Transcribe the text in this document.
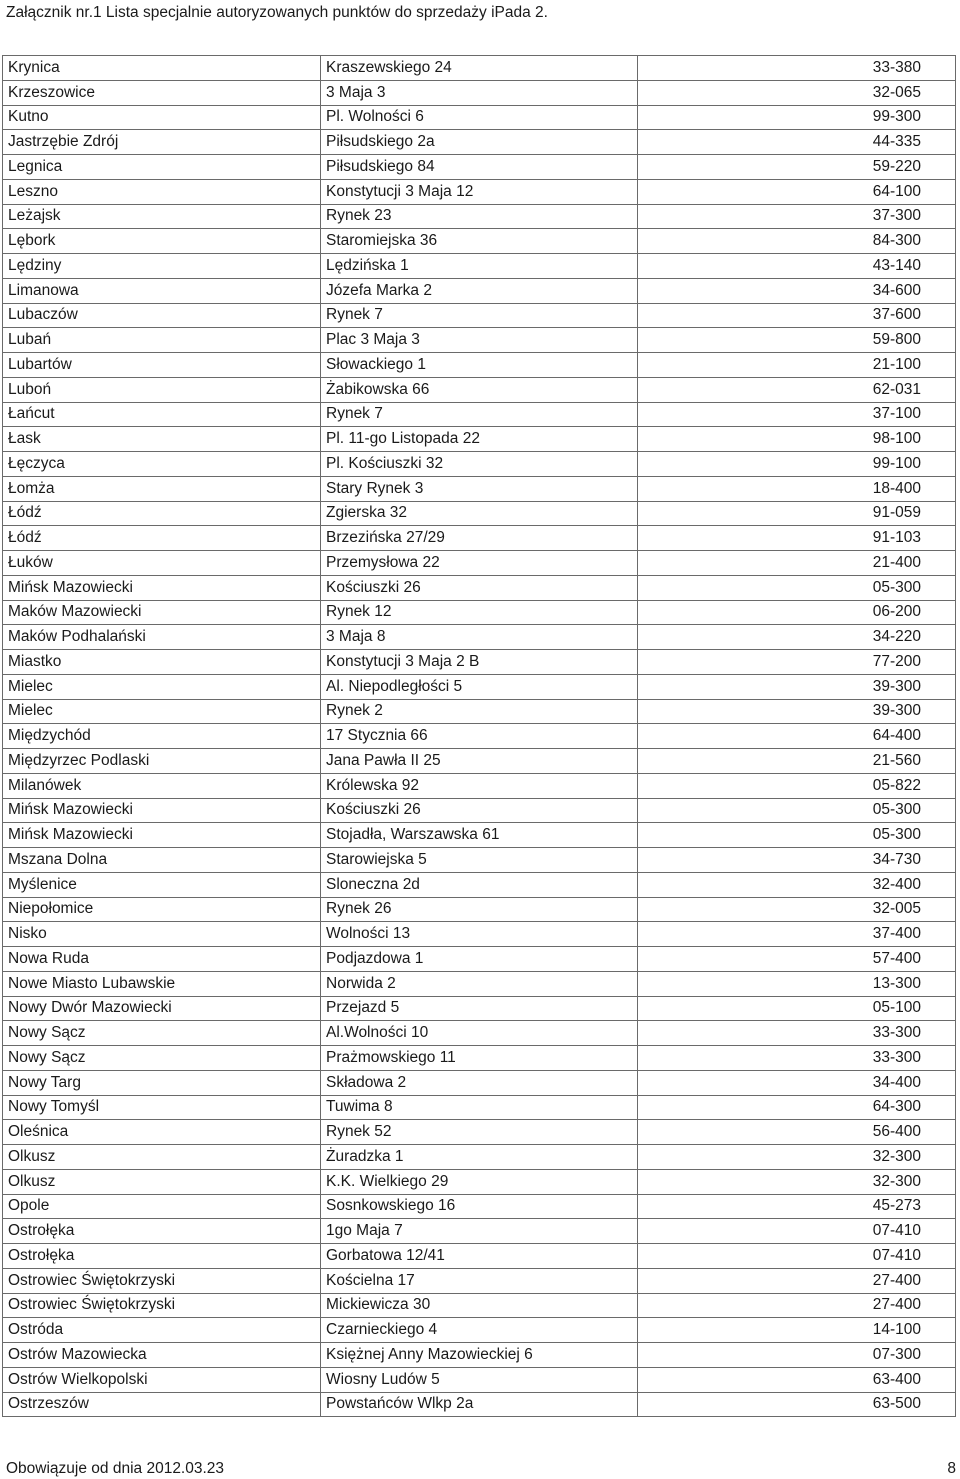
Załącznik nr.1 Lista specjalnie autoryzowanych punktów do sprzedaży iPada 2.
Krynica	Kraszewskiego 24	33-380
Krzeszowice	3 Maja 3	32-065
Kutno	Pl. Wolności 6	99-300
Jastrzębie Zdrój	Piłsudskiego 2a	44-335
Legnica	Piłsudskiego 84	59-220
Leszno	Konstytucji 3 Maja 12	64-100
Leżajsk	Rynek 23	37-300
Lębork	Staromiejska 36	84-300
Lędziny	Lędzińska 1	43-140
Limanowa	Józefa Marka 2	34-600
Lubaczów	Rynek 7	37-600
Lubań	Plac 3 Maja 3	59-800
Lubartów	Słowackiego 1	21-100
Luboń	Żabikowska 66	62-031
Łańcut	Rynek 7	37-100
Łask	Pl. 11-go Listopada 22	98-100
Łęczyca	Pl. Kościuszki 32	99-100
Łomża	Stary Rynek 3	18-400
Łódź	Zgierska 32	91-059
Łódź	Brzezińska 27/29	91-103
Łuków	Przemysłowa 22	21-400
Mińsk Mazowiecki	Kościuszki 26	05-300
Maków Mazowiecki	Rynek 12	06-200
Maków Podhalański	3 Maja 8	34-220
Miastko	Konstytucji 3 Maja 2 B	77-200
Mielec	Al. Niepodległości 5	39-300
Mielec	Rynek 2	39-300
Międzychód	17 Stycznia 66	64-400
Międzyrzec Podlaski	Jana Pawła II 25	21-560
Milanówek	Królewska 92	05-822
Mińsk Mazowiecki	Kościuszki 26	05-300
Mińsk Mazowiecki	Stojadła, Warszawska 61	05-300
Mszana Dolna	Starowiejska 5	34-730
Myślenice	Sloneczna 2d	32-400
Niepołomice	Rynek 26	32-005
Nisko	Wolności 13	37-400
Nowa Ruda	Podjazdowa 1	57-400
Nowe Miasto Lubawskie	Norwida 2	13-300
Nowy Dwór Mazowiecki	Przejazd 5	05-100
Nowy Sącz	Al.Wolności 10	33-300
Nowy Sącz	Prażmowskiego 11	33-300
Nowy Targ	Składowa 2	34-400
Nowy Tomyśl	Tuwima 8	64-300
Oleśnica	Rynek 52	56-400
Olkusz	Żuradzka 1	32-300
Olkusz	K.K. Wielkiego 29	32-300
Opole	Sosnkowskiego 16	45-273
Ostrołęka	1go Maja 7	07-410
Ostrołęka	Gorbatowa 12/41	07-410
Ostrowiec Świętokrzyski	Kościelna 17	27-400
Ostrowiec Świętokrzyski	Mickiewicza 30	27-400
Ostróda	Czarnieckiego 4	14-100
Ostrów Mazowiecka	Księżnej Anny Mazowieckiej 6	07-300
Ostrów Wielkopolski	Wiosny Ludów 5	63-400
Ostrzeszów	Powstańców Wlkp 2a	63-500
Obowiązuje od dnia 2012.03.23	8
